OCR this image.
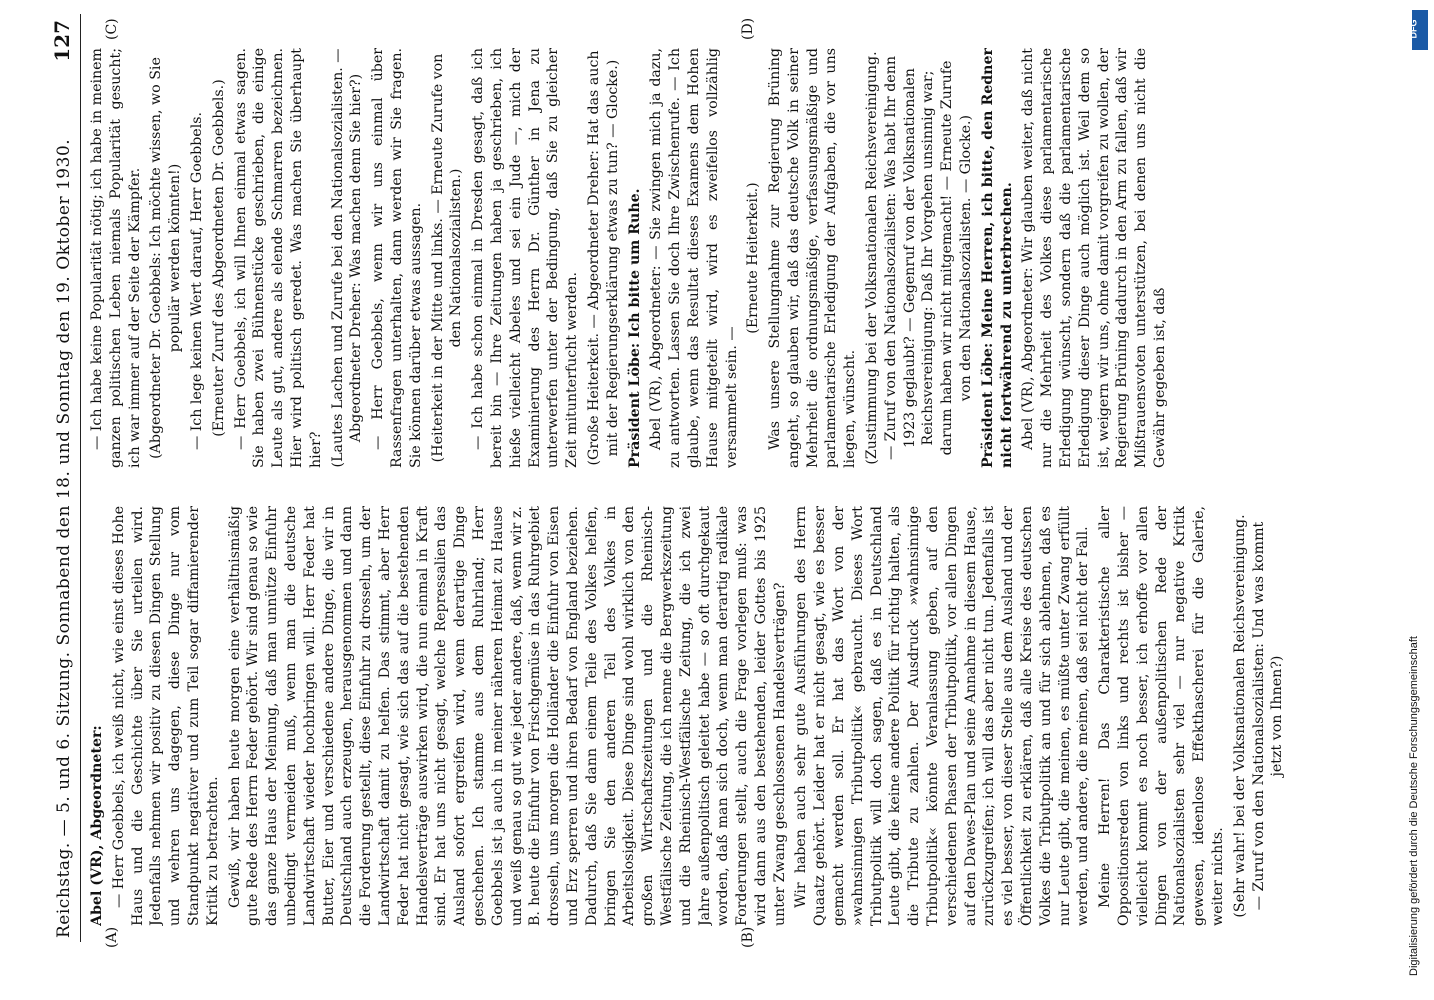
Reichstag. — 5. und 6. Sitzung. Sonnabend den 18. und Sonntag den 19. Oktober 1930.
127

Abel (VR), Abgeordneter: — Herr Goebbels, ich weiß nicht, wie einst dieses Hohe Haus und die Geschichte über Sie urteilen wird. Jedenfalls nehmen wir positiv zu diesen Dingen Stellung und wehren uns dagegen, diese Dinge nur vom Standpunkt negativer und zum Teil sogar diffamierender Kritik zu betrachten. Gewiß, wir haben heute morgen eine verhältnismäßig gute Rede des Herrn Feder gehört. Wir sind genau so wie das ganze Haus der Meinung, daß man unnütze Einfuhr unbedingt vermeiden muß, wenn man die deutsche Landwirtschaft wieder hochbringen will. Herr Feder hat Butter, Eier und verschiedene andere Dinge, die wir in Deutschland auch erzeugen, herausgenommen und dann die Forderung gestellt, diese Einfuhr zu drosseln, um der Landwirtschaft damit zu helfen. Das stimmt, aber Herr Feder hat nicht gesagt, wie sich das auf die bestehenden Handelsverträge auswirken wird, die nun einmal in Kraft sind. Er hat uns nicht gesagt, welche Repressalien das Ausland sofort ergreifen wird, wenn derartige Dinge geschehen. Ich stamme aus dem Ruhrland; Herr Goebbels ist ja auch in meiner näheren Heimat zu Hause und weiß genau so gut wie jeder andere, daß, wenn wir z. B. heute die Einfuhr von Frischgemüse in das Ruhrgebiet drosseln, uns morgen die Holländer die Einfuhr von Eisen und Erz sperren und ihren Bedarf von England beziehen. Dadurch, daß Sie dann einem Teile des Volkes helfen, bringen Sie den anderen Teil des Volkes in Arbeitslosigkeit. Diese Dinge sind wohl wirklich von den großen Wirtschaftszeitungen und die Rheinisch-Westfälische Zeitung, die ich nenne die Bergwerkszeitung und die Rheinisch-Westfälische Zeitung, die ich zwei Jahre außenpolitisch geleitet habe — so oft durchgekaut worden, daß man sich doch, wenn man derartig radikale Forderungen stellt, auch die Frage vorlegen muß: was wird dann aus den bestehenden, leider Gottes bis 1925 unter Zwang geschlossenen Handelsverträgen? Wir haben auch sehr gute Ausführungen des Herrn Quaatz gehört. Leider hat er nicht gesagt, wie es besser gemacht werden soll. Er hat das Wort von der »wahnsinnigen Tributpolitik« gebraucht. Dieses Wort Tributpolitik will doch sagen, daß es in Deutschland Leute gibt, die keine andere Politik für richtig halten, als die Tribute zu zahlen. Der Ausdruck »wahnsinnige Tributpolitik« könnte Veranlassung geben, auf den verschiedenen Phasen der Tributpolitik, vor allen Dingen auf den Dawes-Plan und seine Annahme in diesem Hause, zurückzugreifen; ich will das aber nicht tun. Jedenfalls ist es viel besser, von dieser Stelle aus dem Ausland und der Öffentlichkeit zu erklären, daß alle Kreise des deutschen Volkes die Tributpolitik an und für sich ablehnen, daß es nur Leute gibt, die meinen, es müßte unter Zwang erfüllt werden, und andere, die meinen, daß sei nicht der Fall. Meine Herren! Das Charakteristische aller Oppositionsreden von links und rechts ist bisher — vielleicht kommt es noch besser, ich erhoffe vor allen Dingen von der außenpolitischen Rede der Nationalsozialisten sehr viel — nur negative Kritik gewesen, ideenlose Effekthascherei für die Galerie, weiter nichts. (Sehr wahr! bei der Volksnationalen Reichsvereinigung. — Zuruf von den Nationalsozialisten: Und was kommt jetzt von Ihnen?)

— Ich habe keine Popularität nötig; ich habe in meinem ganzen politischen Leben niemals Popularität gesucht; ich war immer auf der Seite der Kämpfer. (Abgeordneter Dr. Goebbels: Ich möchte wissen, wo Sie populär werden könnten!) — Ich lege keinen Wert darauf, Herr Goebbels. (Erneuter Zuruf des Abgeordneten Dr. Goebbels.) — Herr Goebbels, ich will Ihnen einmal etwas sagen. Sie haben zwei Bühnenstücke geschrieben, die einige Leute als gut, andere als elende Schmarren bezeichnen. Hier wird politisch geredet. Was machen Sie überhaupt hier? (Lautes Lachen und Zurufe bei den Nationalsozialisten. — Abgeordneter Dreher: Was machen denn Sie hier?) — Herr Goebbels, wenn wir uns einmal über Rassenfragen unterhalten, dann werden wir Sie fragen. Sie können darüber etwas aussagen. (Heiterkeit in der Mitte und links. — Erneute Zurufe von den Nationalsozialisten.) — Ich habe schon einmal in Dresden gesagt, daß ich bereit bin — Ihre Zeitungen haben ja geschrieben, ich hieße vielleicht Abeles und sei ein Jude —, mich der Examinierung des Herrn Dr. Günther in Jena zu unterwerfen unter der Bedingung, daß Sie zu gleicher Zeit mitunterfucht werden. (Große Heiterkeit. — Abgeordneter Dreher: Hat das auch mit der Regierungserklärung etwas zu tun? — Glocke.) Präsident Löbe: Ich bitte um Ruhe. Abel (VR), Abgeordneter: — Sie zwingen mich ja dazu, zu antworten. Lassen Sie doch Ihre Zwischenrufe. — Ich glaube, wenn das Resultat dieses Examens dem Hohen Hause mitgeteilt wird, wird es zweifellos vollzählig versammelt sein. —

(Erneute Heiterkeit.) Was unsere Stellungnahme zur Regierung Brüning angeht, so glauben wir, daß das deutsche Volk in seiner Mehrheit die ordnungsmäßige, verfassungsmäßige und parlamentarische Erledigung der Aufgaben, die vor uns liegen, wünscht. (Zustimmung bei der Volksnationalen Reichsvereinigung. — Zuruf von den Nationalsozialisten: Was habt Ihr denn 1923 geglaubt? — Gegenruf von der Volksnationalen Reichsvereinigung: Daß Ihr Vorgehen unsinnig war; darum haben wir nicht mitgemacht! — Erneute Zurufe von den Nationalsozialisten. — Glocke.) Präsident Löbe: Meine Herren, ich bitte, den Redner nicht fortwährend zu unterbrechen. Abel (VR), Abgeordneter: Wir glauben weiter, daß nicht nur die Mehrheit des Volkes diese parlamentarische Erledigung wünscht, sondern daß die parlamentarische Erledigung dieser Dinge auch möglich ist. Weil dem so ist, weigern wir uns, ohne damit vorgreifen zu wollen, der Regierung Brüning dadurch in den Arm zu fallen, daß wir Mißtrauensvoten unterstützen, bei denen uns nicht die Gewähr gegeben ist, daß

(A)	(B)
(C)	(D)	DFG
Digitalisierung gefördert durch die Deutsche Forschungsgemeinschaft
